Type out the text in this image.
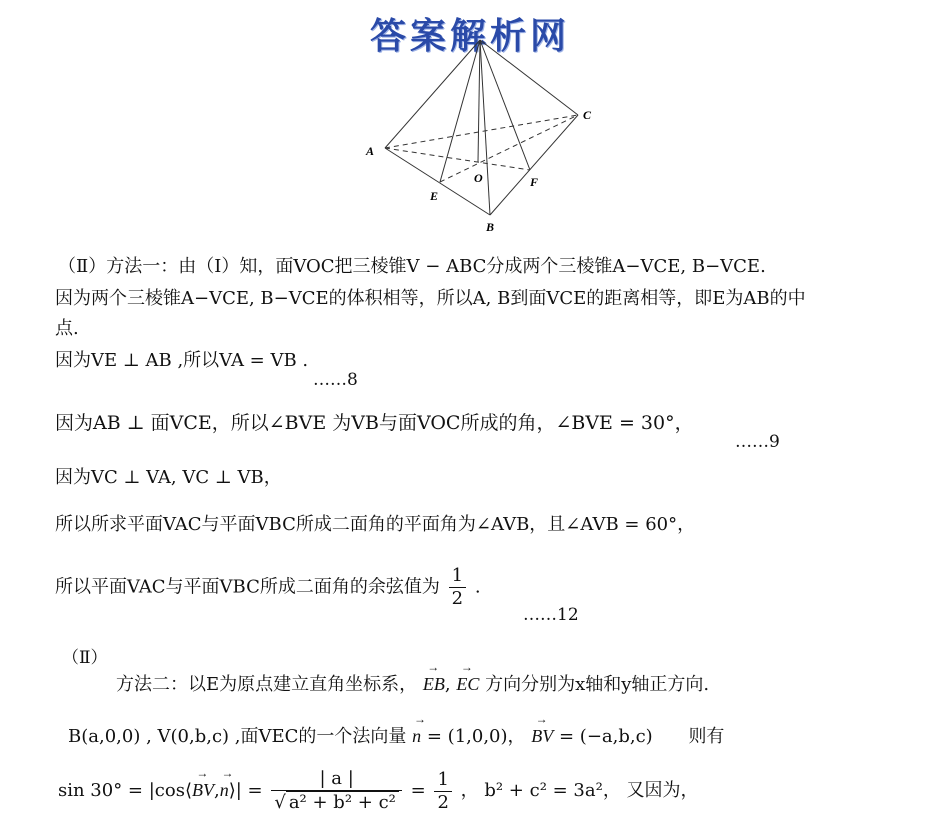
答案解析网
A
B
C
E
F
O
（Ⅱ）方法一：由（Ⅰ）知，面VOC把三棱锥V − ABC分成两个三棱锥A−VCE, B−VCE.
因为两个三棱锥A−VCE, B−VCE的体积相等，所以A, B到面VCE的距离相等，即E为AB的中
点.
因为VE ⊥ AB ,所以VA = VB .
……8
因为AB ⊥ 面VCE，所以∠BVE 为VB与面VOC所成的角，∠BVE = 30°，
……9
因为VC ⊥ VA, VC ⊥ VB，
所以所求平面VAC与平面VBC所成二面角的平面角为∠AVB，且∠AVB = 60°，
所以平面VAC与平面VBC所成二面角的余弦值为 $\frac{1}{2}$ .
……12
（Ⅱ）
方法二：以E为原点建立直角坐标系， → EB, → EC 方向分别为x轴和y轴正方向.
B(a,0,0) , V(0,b,c) ,面VEC的一个法向量 → n = (1,0,0)， → BV = (−a,b,c) 则有
sin 30° = |cos⟨→ BV,→ n⟩| = $\frac{| a |}{\text{√ a² + b² + c²}} = \frac{1}{2}$ ， b² + c² = 3a²， 又因为，
